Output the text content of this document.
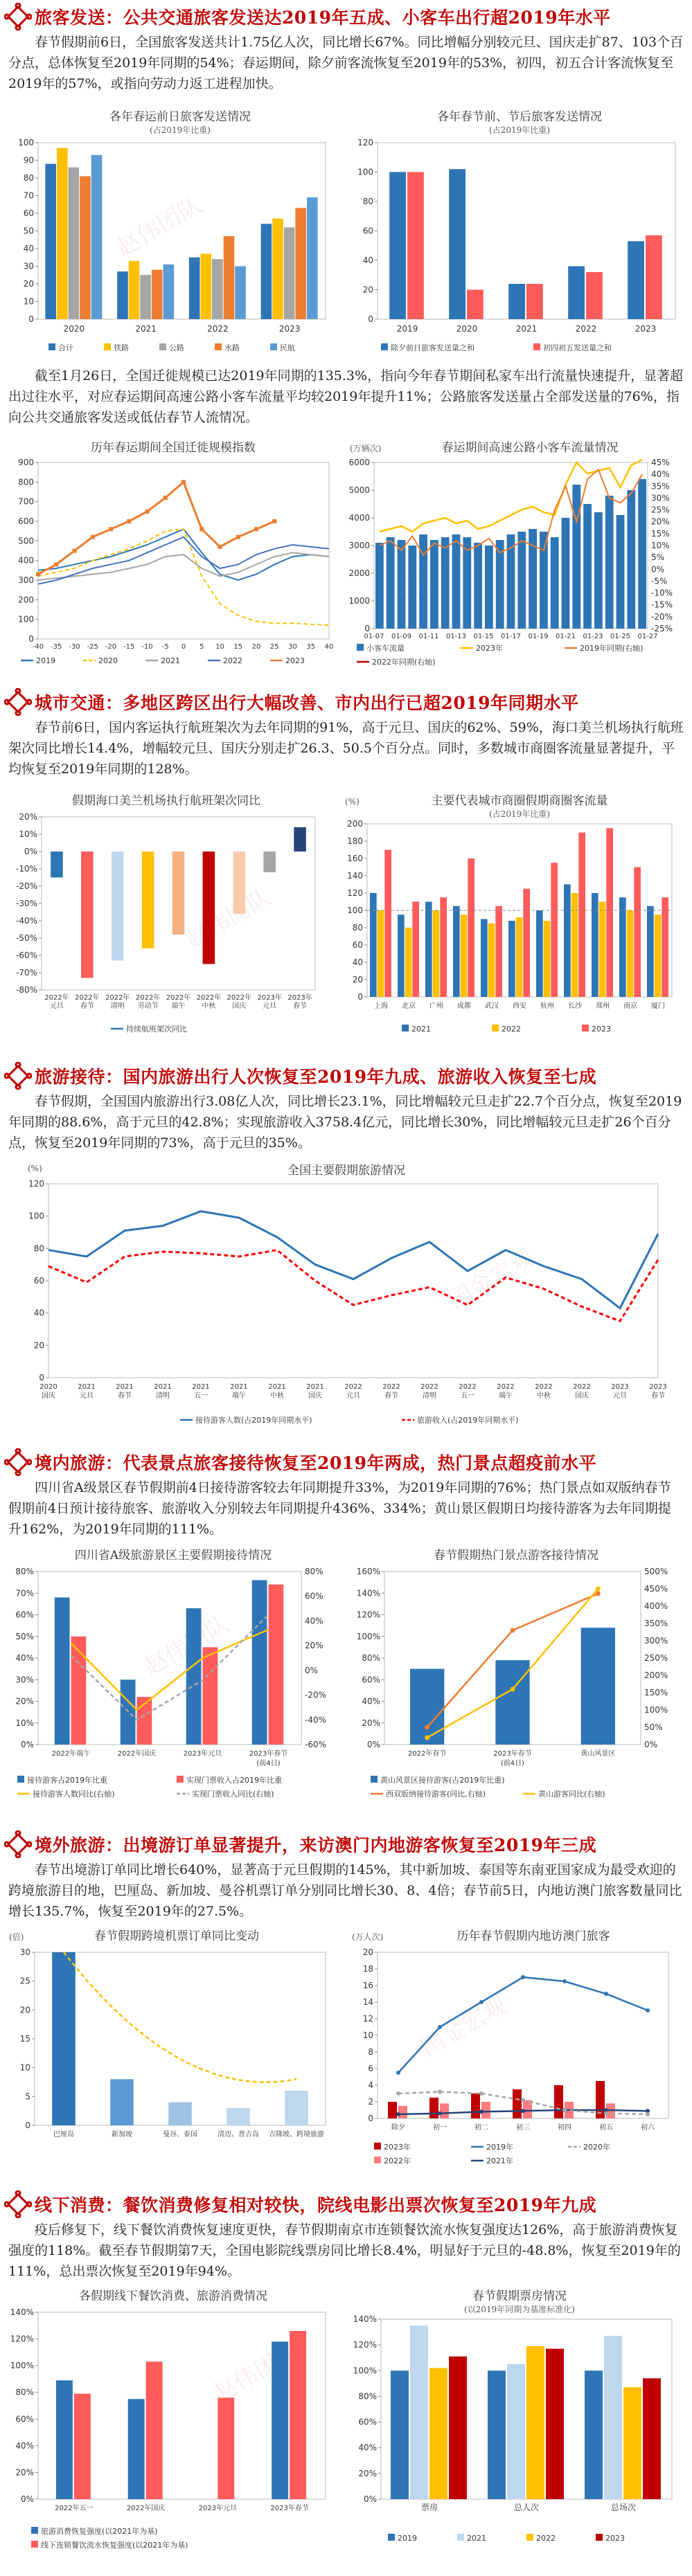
赵伟团队
赵伟团队
国金宏观
国金宏观
赵伟团队
旅客发送：公共交通旅客发送达2019年五成、小客车出行超2019年水平

春节假期前6日，全国旅客发送共计1.75亿人次，同比增长67%。同比增幅分别较元旦、国庆走扩87、103个百分点，总体恢复至2019年同期的54%；春运期间，除夕前客流恢复至2019年的53%，初四，初五合计客流恢复至2019年的57%，或指向劳动力返工进程加快。

各年春运前日旅客发送情况
(占2019年比重)
0
10
20
30
40
50
60
70
80
90
100
2020	2021	2022	2023
合计	铁路	公路	水路	民航
各年春节前、节后旅客发送情况
(占2019年比重)
0
20
40
60
80
100
120
2019	2020	2021	2022	2023
除夕前日旅客发送量之和	初四初五发送量之和

截至1月26日，全国迁徙规模已达2019年同期的135.3%，指向今年春节期间私家车出行流量快速提升，显著超出过往水平，对应春运期间高速公路小客车流量平均较2019年提升11%；公路旅客发送量占全部发送量的76%，指向公共交通旅客发送或低估春节人流情况。

历年春运期间全国迁徙规模指数
0
100
200
300
400
500
600
700
800
900
-40 -35 -30 -25 -20 -15 -10 -5 0 5 10 15 20 25 30 35 40
2019	2020	2021	2022	2023
春运期间高速公路小客车流量情况
(万辆次)
0
1000
2000
3000
4000
5000
6000
-25%
-20%
-15%
-10%
-5%
0%
5%
10%
15%
20%
25%
30%
35%
40%
45%
01-07 01-09 01-11 01-13 01-15 01-17 01-19 01-21 01-23 01-25 01-27
小客车流量	2023年	2019年同期(右轴)
2022年同期(右轴)
城市交通：多地区跨区出行大幅改善、市内出行已超2019年同期水平

春节前6日，国内客运执行航班架次为去年同期的91%，高于元旦、国庆的62%、59%，海口美兰机场执行航班架次同比增长14.4%，增幅较元旦、国庆分别走扩26.3、50.5个百分点。同时，多数城市商圈客流量显著提升，平均恢复至2019年同期的128%。

假期海口美兰机场执行航班架次同比
-80%
-70%
-60%
-50%
-40%
-30%
-20%
-10%
0%
10%
20%
2022年
元旦
2022年
春节
2022年
清明
2022年
劳动节
2022年
端午
2022年
中秋
2022年
国庆
2023年
元旦
2023年
春节
持续航班架次同比
主要代表城市商圈假期商圈客流量
(占2019年比重)
(%)
0
20
40
60
80
100
120
140
160
180
200
上海 北京 广州 成都 武汉 西安 杭州 长沙 郑州 南京 厦门
2021	2022	2023
旅游接待：国内旅游出行人次恢复至2019年九成、旅游收入恢复至七成

春节假期，全国国内旅游出行3.08亿人次，同比增长23.1%，同比增幅较元旦走扩22.7个百分点，恢复至2019年同期的88.6%，高于元旦的42.8%；实现旅游收入3758.4亿元，同比增长30%，同比增幅较元旦走扩26个百分点，恢复至2019年同期的73%，高于元旦的35%。

全国主要假期旅游情况
(%)
0
20
40
60
80
100
120
2020
国庆
2021
元旦
2021
春节
2021
清明
2021
五一
2021
端午
2021
中秋
2021
国庆
2022
元旦
2022
春节
2022
清明
2022
五一
2022
端午
2022
中秋
2022
国庆
2023
元旦
2023
春节
接待游客人数(占2019年同期水平)	旅游收入(占2019年同期水平)
境内旅游：代表景点旅客接待恢复至2019年两成，热门景点超疫前水平

四川省A级景区春节假期前4日接待游客较去年同期提升33%，为2019年同期的76%；热门景点如双版纳春节假期前4日预计接待旅客、旅游收入分别较去年同期提升436%、334%；黄山景区假期日均接待游客为去年同期提升162%，为2019年同期的111%。

四川省A级旅游景区主要假期接待情况
0%
10%
20%
30%
40%
50%
60%
70%
80%
-60%
-40%
-20%
0%
20%
40%
60%
80%
2022年端午	2022年国庆	2023年元旦	2023年春节
(前4日)
接待游客占2019年比重	实现门票收入占2019年比重
接待游客人数同比(右轴)	实现门票收入同比(右轴)
春节假期热门景点游客接待情况
0%
20%
40%
60%
80%
100%
120%
140%
160%
0%
50%
100%
150%
200%
250%
300%
350%
400%
450%
500%
2022年春节	2023年春节	黄山风景区
(前4日)
黄山风景区接待游客(占2019年比重)
西双版纳接待游客(同比,右轴)	黄山游客同比(右轴)
境外旅游：出境游订单显著提升，来访澳门内地游客恢复至2019年三成

春节出境游订单同比增长640%，显著高于元旦假期的145%，其中新加坡、泰国等东南亚国家成为最受欢迎的跨境旅游目的地，巴厘岛、新加坡、曼谷机票订单分别同比增长30、8、4倍；春节前5日，内地访澳门旅客数量同比增长135.7%，恢复至2019年的27.5%。

春节假期跨境机票订单同比变动
(倍)
0
5
10
15
20
25
30
巴厘岛	新加坡	曼谷、泰国	清迈、普吉岛 吉隆坡、跨境旅游
历年春节假期内地访澳门旅客
(万人次)
0
2
4
6
8
10
12
14
16
18
20
除夕	初一	初二	初三	初四	初五	初六
2023年	2019年	2020年
2022年	2021年
线下消费：餐饮消费修复相对较快，院线电影出票次恢复至2019年九成

疫后修复下，线下餐饮消费恢复速度更快，春节假期南京市连锁餐饮流水恢复强度达126%，高于旅游消费恢复强度的118%。截至春节假期第7天，全国电影院线票房同比增长8.4%，明显好于元旦的-48.8%，恢复至2019年的111%，总出票次恢复至2019年94%。

各假期线下餐饮消费、旅游消费情况
0%
20%
40%
60%
80%
100%
120%
140%
2022年五一	2022年国庆	2023年元旦	2023年春节
旅游消费恢复强度(以2021年为基)
线下连锁餐饮流水恢复强度(以2021年为基)
春节假期票房情况
(以2019年同期为基准标准化)
0%
20%
40%
60%
80%
100%
120%
140%
票房	总人次	总场次
2019	2021	2022	2023
